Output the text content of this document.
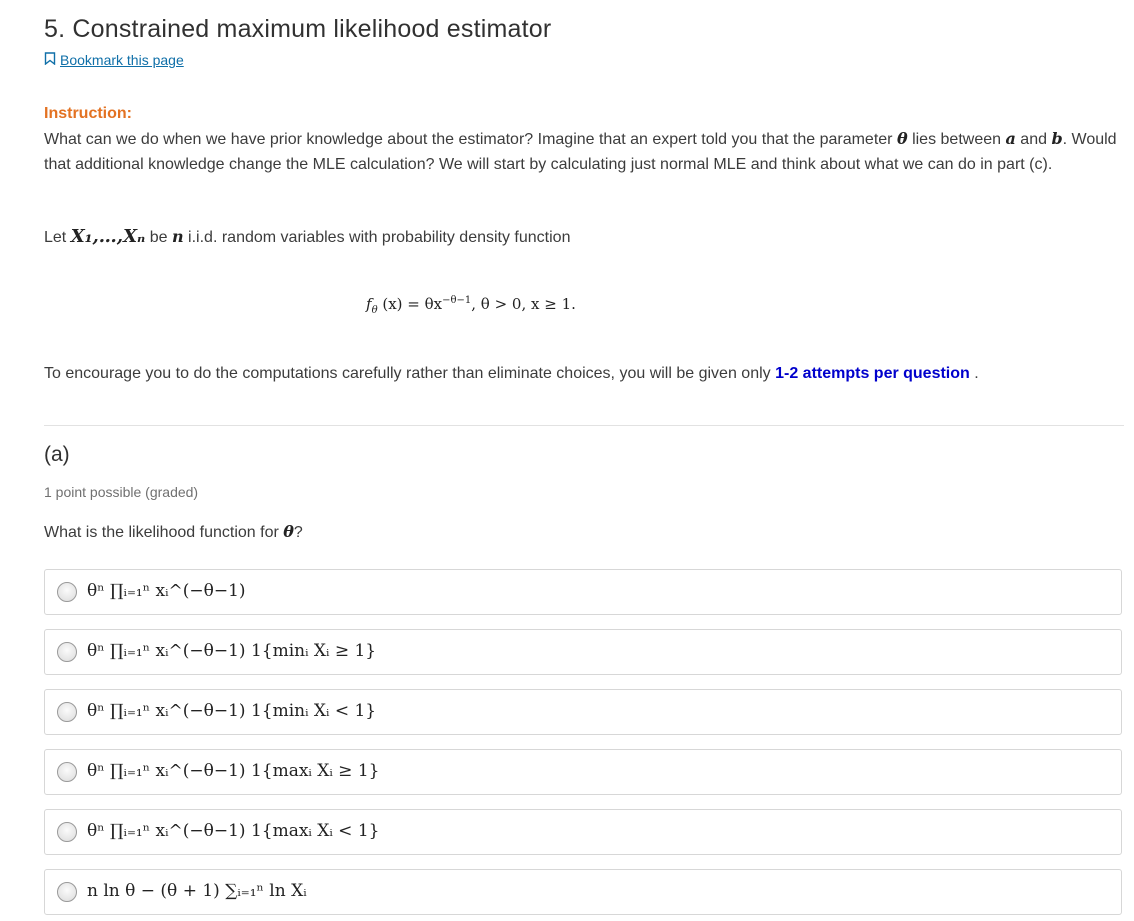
5. Constrained maximum likelihood estimator
Bookmark this page
Instruction:
What can we do when we have prior knowledge about the estimator? Imagine that an expert told you that the parameter θ lies between a and b. Would that additional knowledge change the MLE calculation? We will start by calculating just normal MLE and think about what we can do in part (c).
Let X₁,…,Xₙ be n i.i.d. random variables with probability density function
$f_\theta$ $(x) = \theta x^{-\theta-1}$, θ > 0, x ≥ 1.
To encourage you to do the computations carefully rather than eliminate choices, you will be given only 1-2 attempts per question .
(a)
1 point possible (graded)
What is the likelihood function for θ?
θⁿ ∏ᵢ₌₁ⁿ xᵢ^(−θ−1)
θⁿ ∏ᵢ₌₁ⁿ xᵢ^(−θ−1) 1{minᵢ Xᵢ ≥ 1}
θⁿ ∏ᵢ₌₁ⁿ xᵢ^(−θ−1) 1{minᵢ Xᵢ < 1}
θⁿ ∏ᵢ₌₁ⁿ xᵢ^(−θ−1) 1{maxᵢ Xᵢ ≥ 1}
θⁿ ∏ᵢ₌₁ⁿ xᵢ^(−θ−1) 1{maxᵢ Xᵢ < 1}
n ln θ − (θ + 1) ∑ᵢ₌₁ⁿ ln Xᵢ
